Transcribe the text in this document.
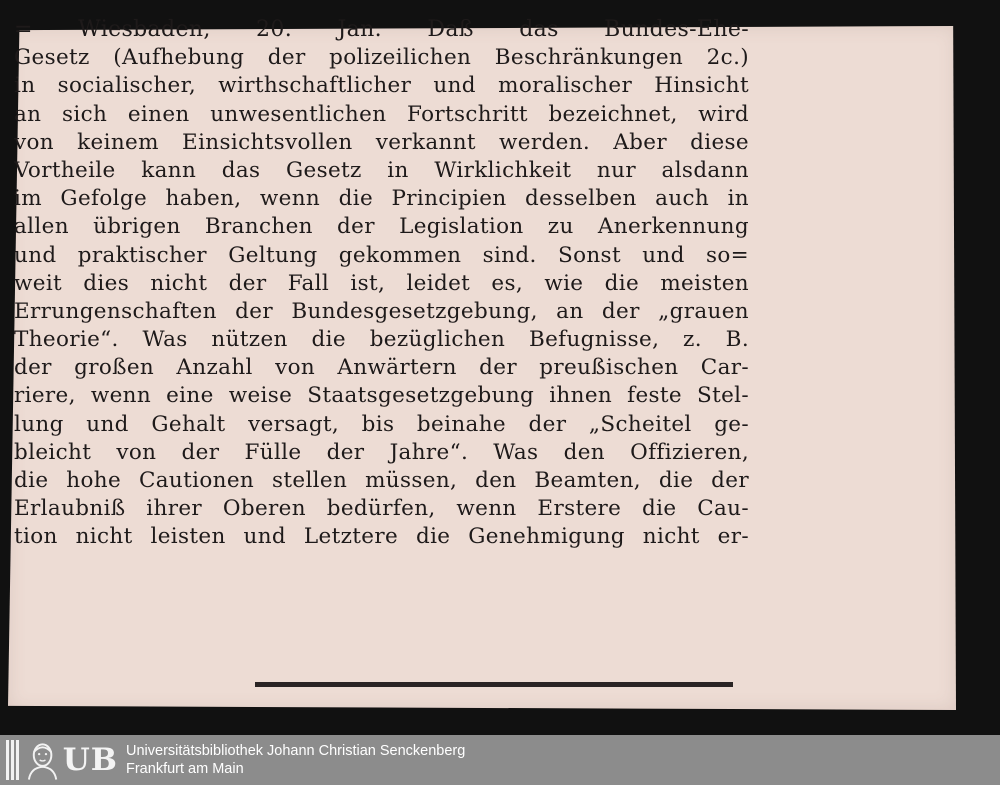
= Wiesbaden, 20. Jan. Daß das Bundes-Ehe-
Gesetz (Aufhebung der polizeilichen Beschränkungen 2c.)
in socialischer, wirthschaftlicher und moralischer Hinsicht
an sich einen unwesentlichen Fortschritt bezeichnet, wird
von keinem Einsichtsvollen verkannt werden. Aber diese
Vortheile kann das Gesetz in Wirklichkeit nur alsdann
im Gefolge haben, wenn die Principien desselben auch in
allen übrigen Branchen der Legislation zu Anerkennung
und praktischer Geltung gekommen sind. Sonst und so=
weit dies nicht der Fall ist, leidet es, wie die meisten
Errungenschaften der Bundesgesetzgebung, an der „grauen
Theorie“. Was nützen die bezüglichen Befugnisse, z. B.
der großen Anzahl von Anwärtern der preußischen Car-
riere, wenn eine weise Staatsgesetzgebung ihnen feste Stel-
lung und Gehalt versagt, bis beinahe der „Scheitel ge-
bleicht von der Fülle der Jahre“. Was den Offizieren,
die hohe Cautionen stellen müssen, den Beamten, die der
Erlaubniß ihrer Oberen bedürfen, wenn Erstere die Cau-
tion nicht leisten und Letztere die Genehmigung nicht er-
UB Universitätsbibliothek Johann Christian Senckenberg
Frankfurt am Main
